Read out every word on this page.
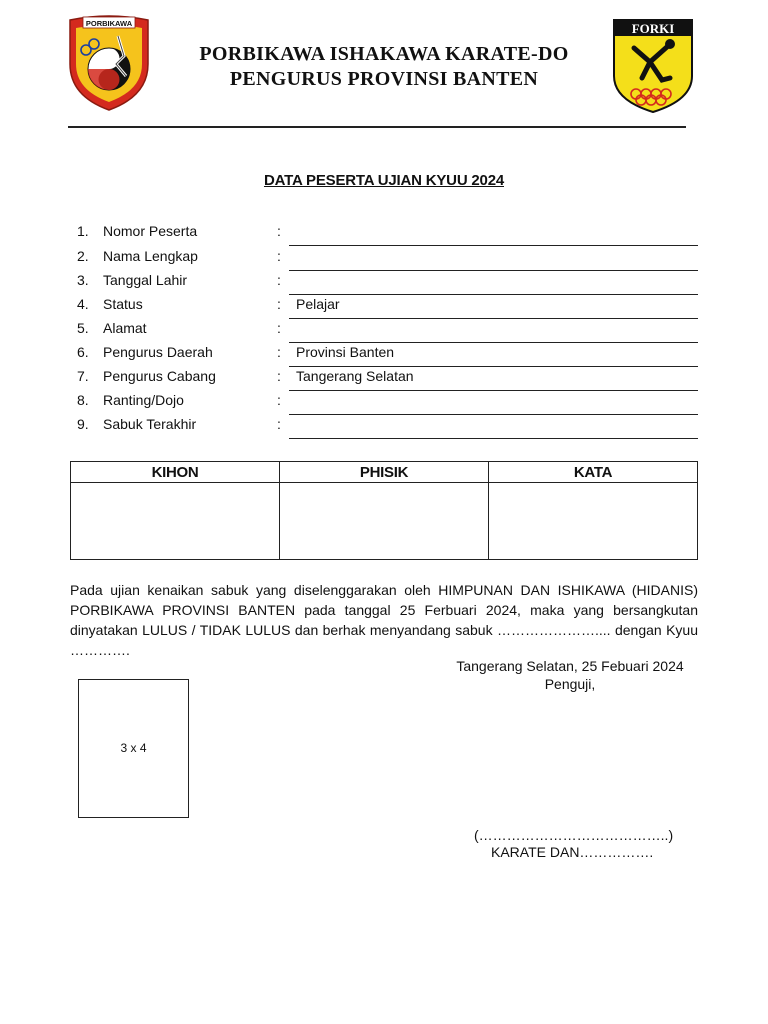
PORBIKAWA
PORBIKAWA ISHAKAWA KARATE-DO
PENGURUS PROVINSI BANTEN
FORKI
DATA PESERTA UJIAN KYUU 2024
1. Nomor Peserta	:
2. Nama Lengkap	:
3. Tanggal Lahir	:
4. Status	: Pelajar
5. Alamat	:
6. Pengurus Daerah	: Provinsi Banten
7. Pengurus Cabang	: Tangerang Selatan
8. Ranting/Dojo	:
9. Sabuk Terakhir	:
KIHON	PHISIK	KATA

Pada ujian kenaikan sabuk yang diselenggarakan oleh HIMPUNAN DAN ISHIKAWA (HIDANIS) PORBIKAWA PROVINSI BANTEN pada tanggal 25 Ferbuari 2024, maka yang bersangkutan dinyatakan LULUS / TIDAK LULUS dan berhak menyandang sabuk ………………….... dengan Kyuu ………….
Tangerang Selatan, 25 Febuari 2024
Penguji,
3 x 4
(…………………………………..)
KARATE DAN…………….
